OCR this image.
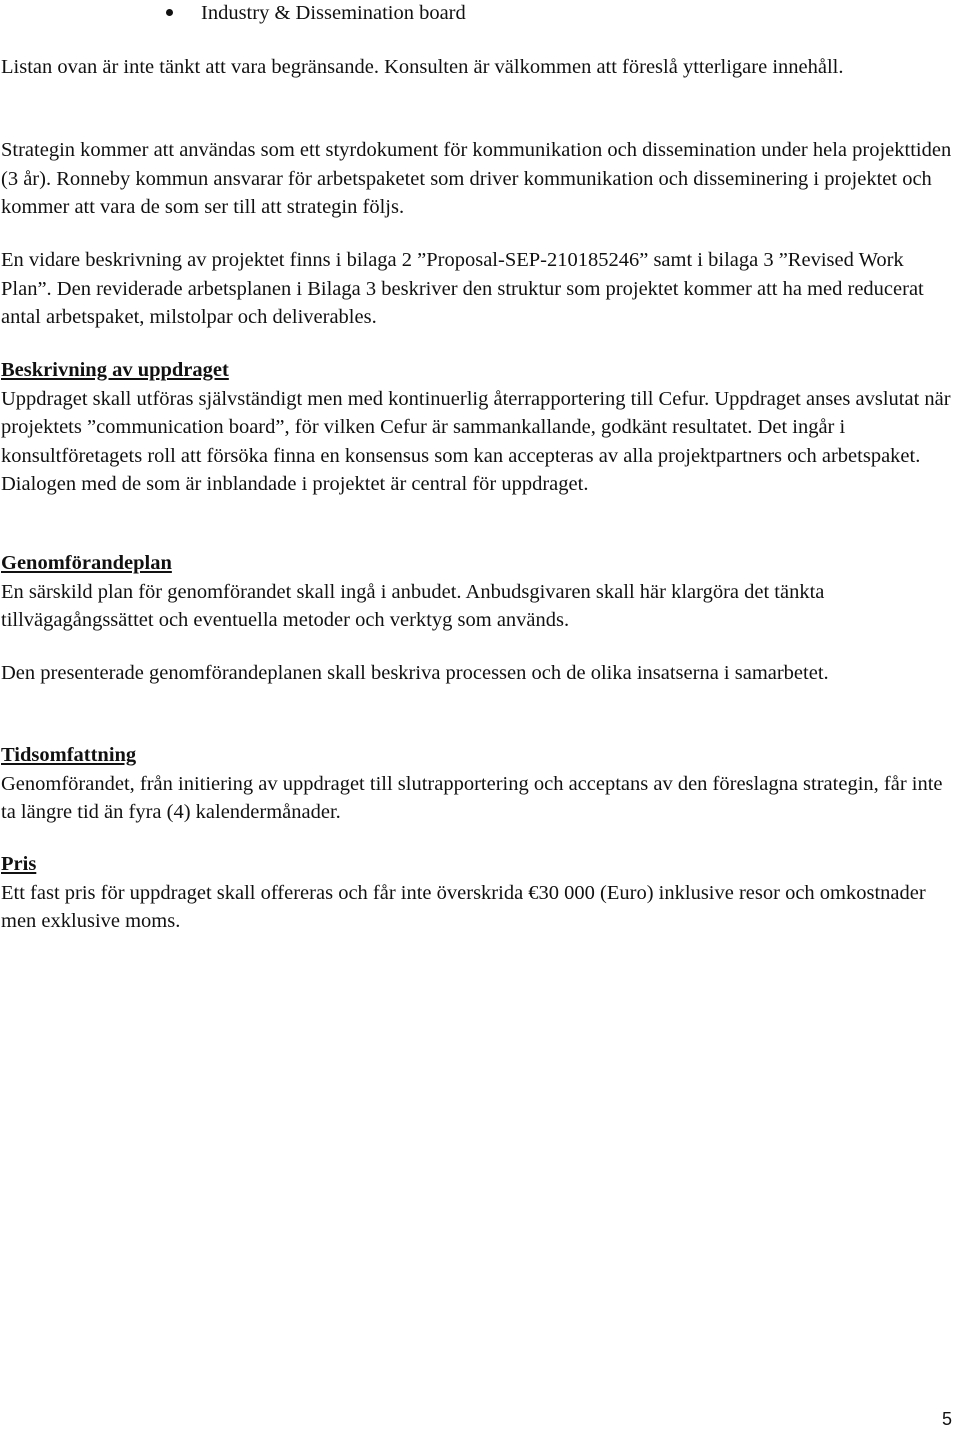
Industry & Dissemination board

Listan ovan är inte tänkt att vara begränsande. Konsulten är välkommen att föreslå ytterligare innehåll.

Strategin kommer att användas som ett styrdokument för kommunikation och dissemination under hela projekttiden (3 år). Ronneby kommun ansvarar för arbetspaketet som driver kommunikation och disseminering i projektet och kommer att vara de som ser till att strategin följs.

En vidare beskrivning av projektet finns i bilaga 2 ”Proposal-SEP-210185246” samt i bilaga 3 ”Revised Work Plan”. Den reviderade arbetsplanen i Bilaga 3 beskriver den struktur som projektet kommer att ha med reducerat antal arbetspaket, milstolpar och deliverables.

Beskrivning av uppdraget
Uppdraget skall utföras självständigt men med kontinuerlig återrapportering till Cefur. Uppdraget anses avslutat när projektets ”communication board”, för vilken Cefur är sammankallande, godkänt resultatet. Det ingår i konsultföretagets roll att försöka finna en konsensus som kan accepteras av alla projektpartners och arbetspaket. Dialogen med de som är inblandade i projektet är central för uppdraget.
Genomförandeplan
En särskild plan för genomförandet skall ingå i anbudet. Anbudsgivaren skall här klargöra det tänkta tillvägagångssättet och eventuella metoder och verktyg som används.

Den presenterade genomförandeplanen skall beskriva processen och de olika insatserna i samarbetet.

Tidsomfattning
Genomförandet, från initiering av uppdraget till slutrapportering och acceptans av den föreslagna strategin, får inte ta längre tid än fyra (4) kalendermånader.
Pris
Ett fast pris för uppdraget skall offereras och får inte överskrida €30 000 (Euro) inklusive resor och omkostnader men exklusive moms.
5
